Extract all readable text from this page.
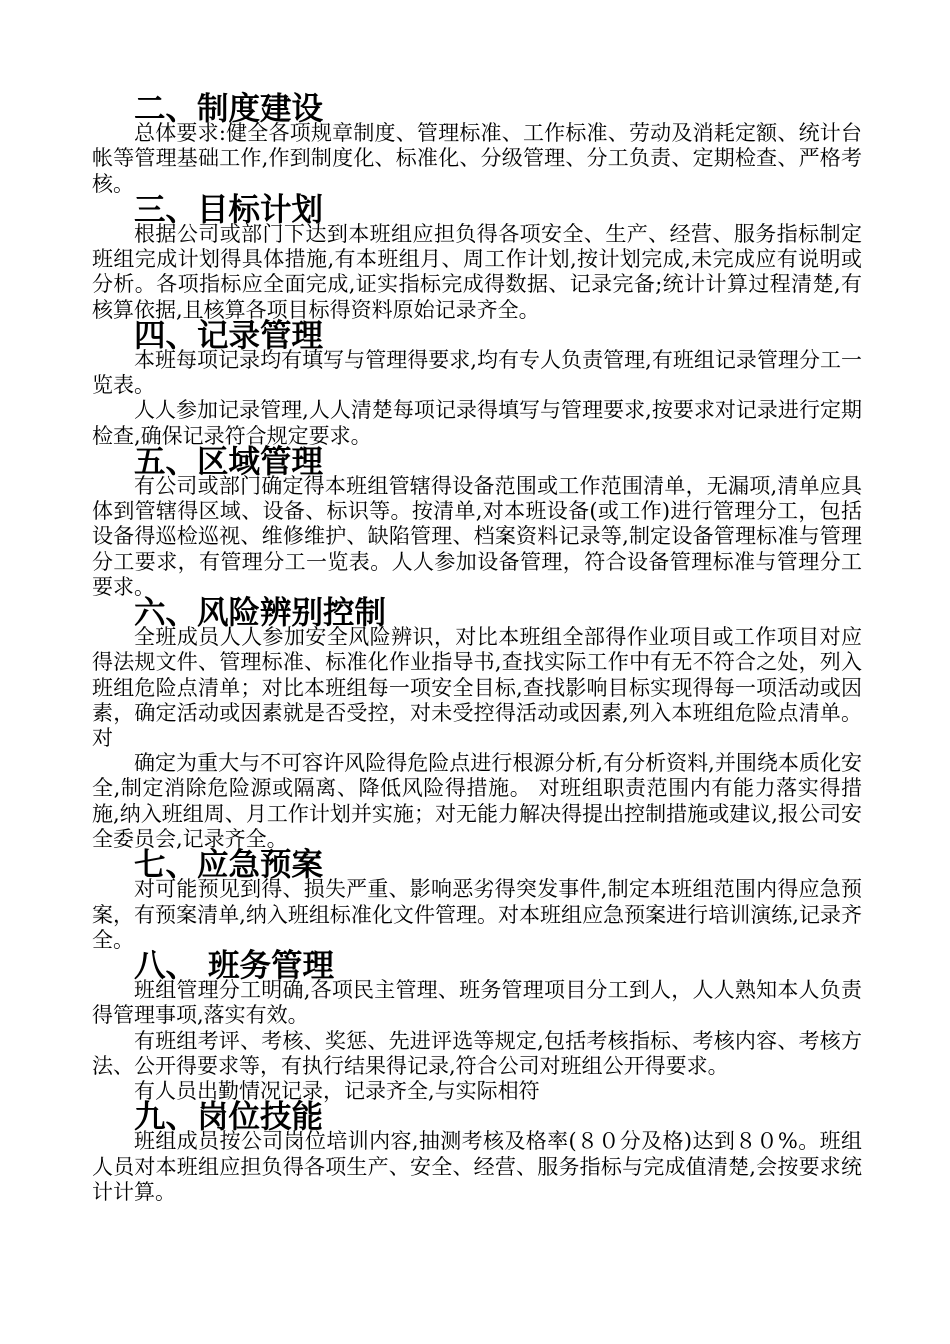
二、制度建设

总体要求:健全各项规章制度、管理标准、工作标准、劳动及消耗定额、统计台帐等管理基础工作,作到制度化、标准化、分级管理、分工负责、定期检查、严格考核。

三、目标计划

根据公司或部门下达到本班组应担负得各项安全、生产、经营、服务指标制定班组完成计划得具体措施,有本班组月、周工作计划,按计划完成,未完成应有说明或分析。各项指标应全面完成,证实指标完成得数据、记录完备;统计计算过程清楚,有核算依据,且核算各项目标得资料原始记录齐全。

四、记录管理

本班每项记录均有填写与管理得要求,均有专人负责管理,有班组记录管理分工一览表。

人人参加记录管理,人人清楚每项记录得填写与管理要求,按要求对记录进行定期检查,确保记录符合规定要求。

五、区域管理

有公司或部门确定得本班组管辖得设备范围或工作范围清单，无漏项,清单应具体到管辖得区域、设备、标识等。按清单,对本班设备(或工作)进行管理分工，包括设备得巡检巡视、维修维护、缺陷管理、档案资料记录等,制定设备管理标准与管理分工要求，有管理分工一览表。人人参加设备管理，符合设备管理标准与管理分工要求。

六、风险辨别控制

全班成员人人参加安全风险辨识，对比本班组全部得作业项目或工作项目对应得法规文件、管理标准、标准化作业指导书,查找实际工作中有无不符合之处，列入班组危险点清单；对比本班组每一项安全目标,查找影响目标实现得每一项活动或因素，确定活动或因素就是否受控，对未受控得活动或因素,列入本班组危险点清单。对

确定为重大与不可容许风险得危险点进行根源分析,有分析资料,并围绕本质化安全,制定消除危险源或隔离、降低风险得措施。 对班组职责范围内有能力落实得措施,纳入班组周、月工作计划并实施；对无能力解决得提出控制措施或建议,报公司安全委员会,记录齐全。

七、应急预案

对可能预见到得、损失严重、影响恶劣得突发事件,制定本班组范围内得应急预案，有预案清单,纳入班组标准化文件管理。对本班组应急预案进行培训演练,记录齐全。

八、 班务管理

班组管理分工明确,各项民主管理、班务管理项目分工到人，人人熟知本人负责得管理事项,落实有效。

有班组考评、考核、奖惩、先进评选等规定,包括考核指标、考核内容、考核方法、公开得要求等，有执行结果得记录,符合公司对班组公开得要求。

有人员出勤情况记录，记录齐全,与实际相符

九、岗位技能

班组成员按公司岗位培训内容,抽测考核及格率(８０分及格)达到８０%。班组人员对本班组应担负得各项生产、安全、经营、服务指标与完成值清楚,会按要求统计计算。
